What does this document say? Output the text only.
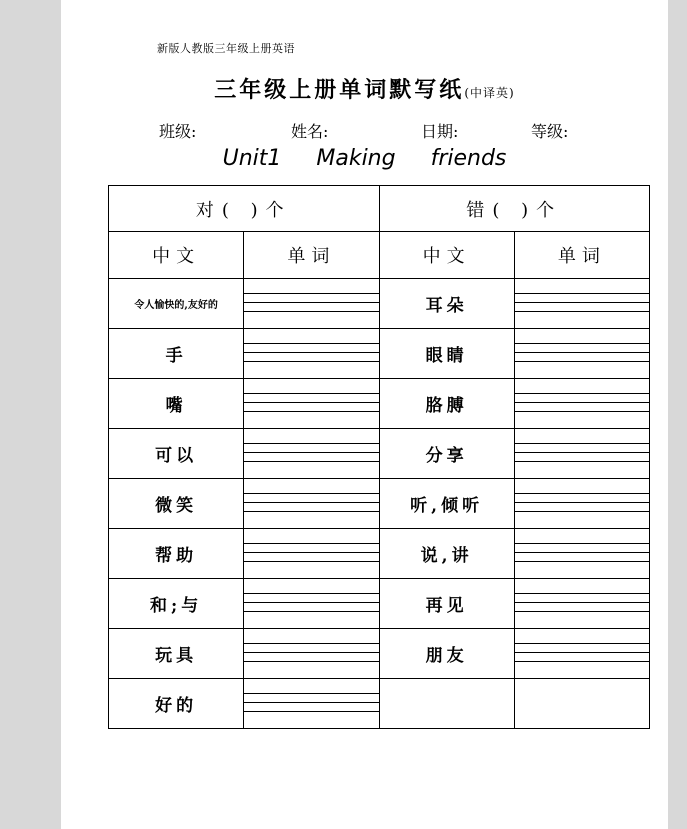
新版人教版三年级上册英语
三年级上册单词默写纸(中译英)
班级:	姓名:	日期:	等级:
Unit1 Making friends
对( )个		错( )个	
中文	单词	中文	单词
令人愉快的,友好的		耳朵	

手		眼睛	

嘴		胳膊	

可以		分享	

微笑		听,倾听	

帮助		说,讲	

和;与		再见	

玩具		朋友	

好的	
